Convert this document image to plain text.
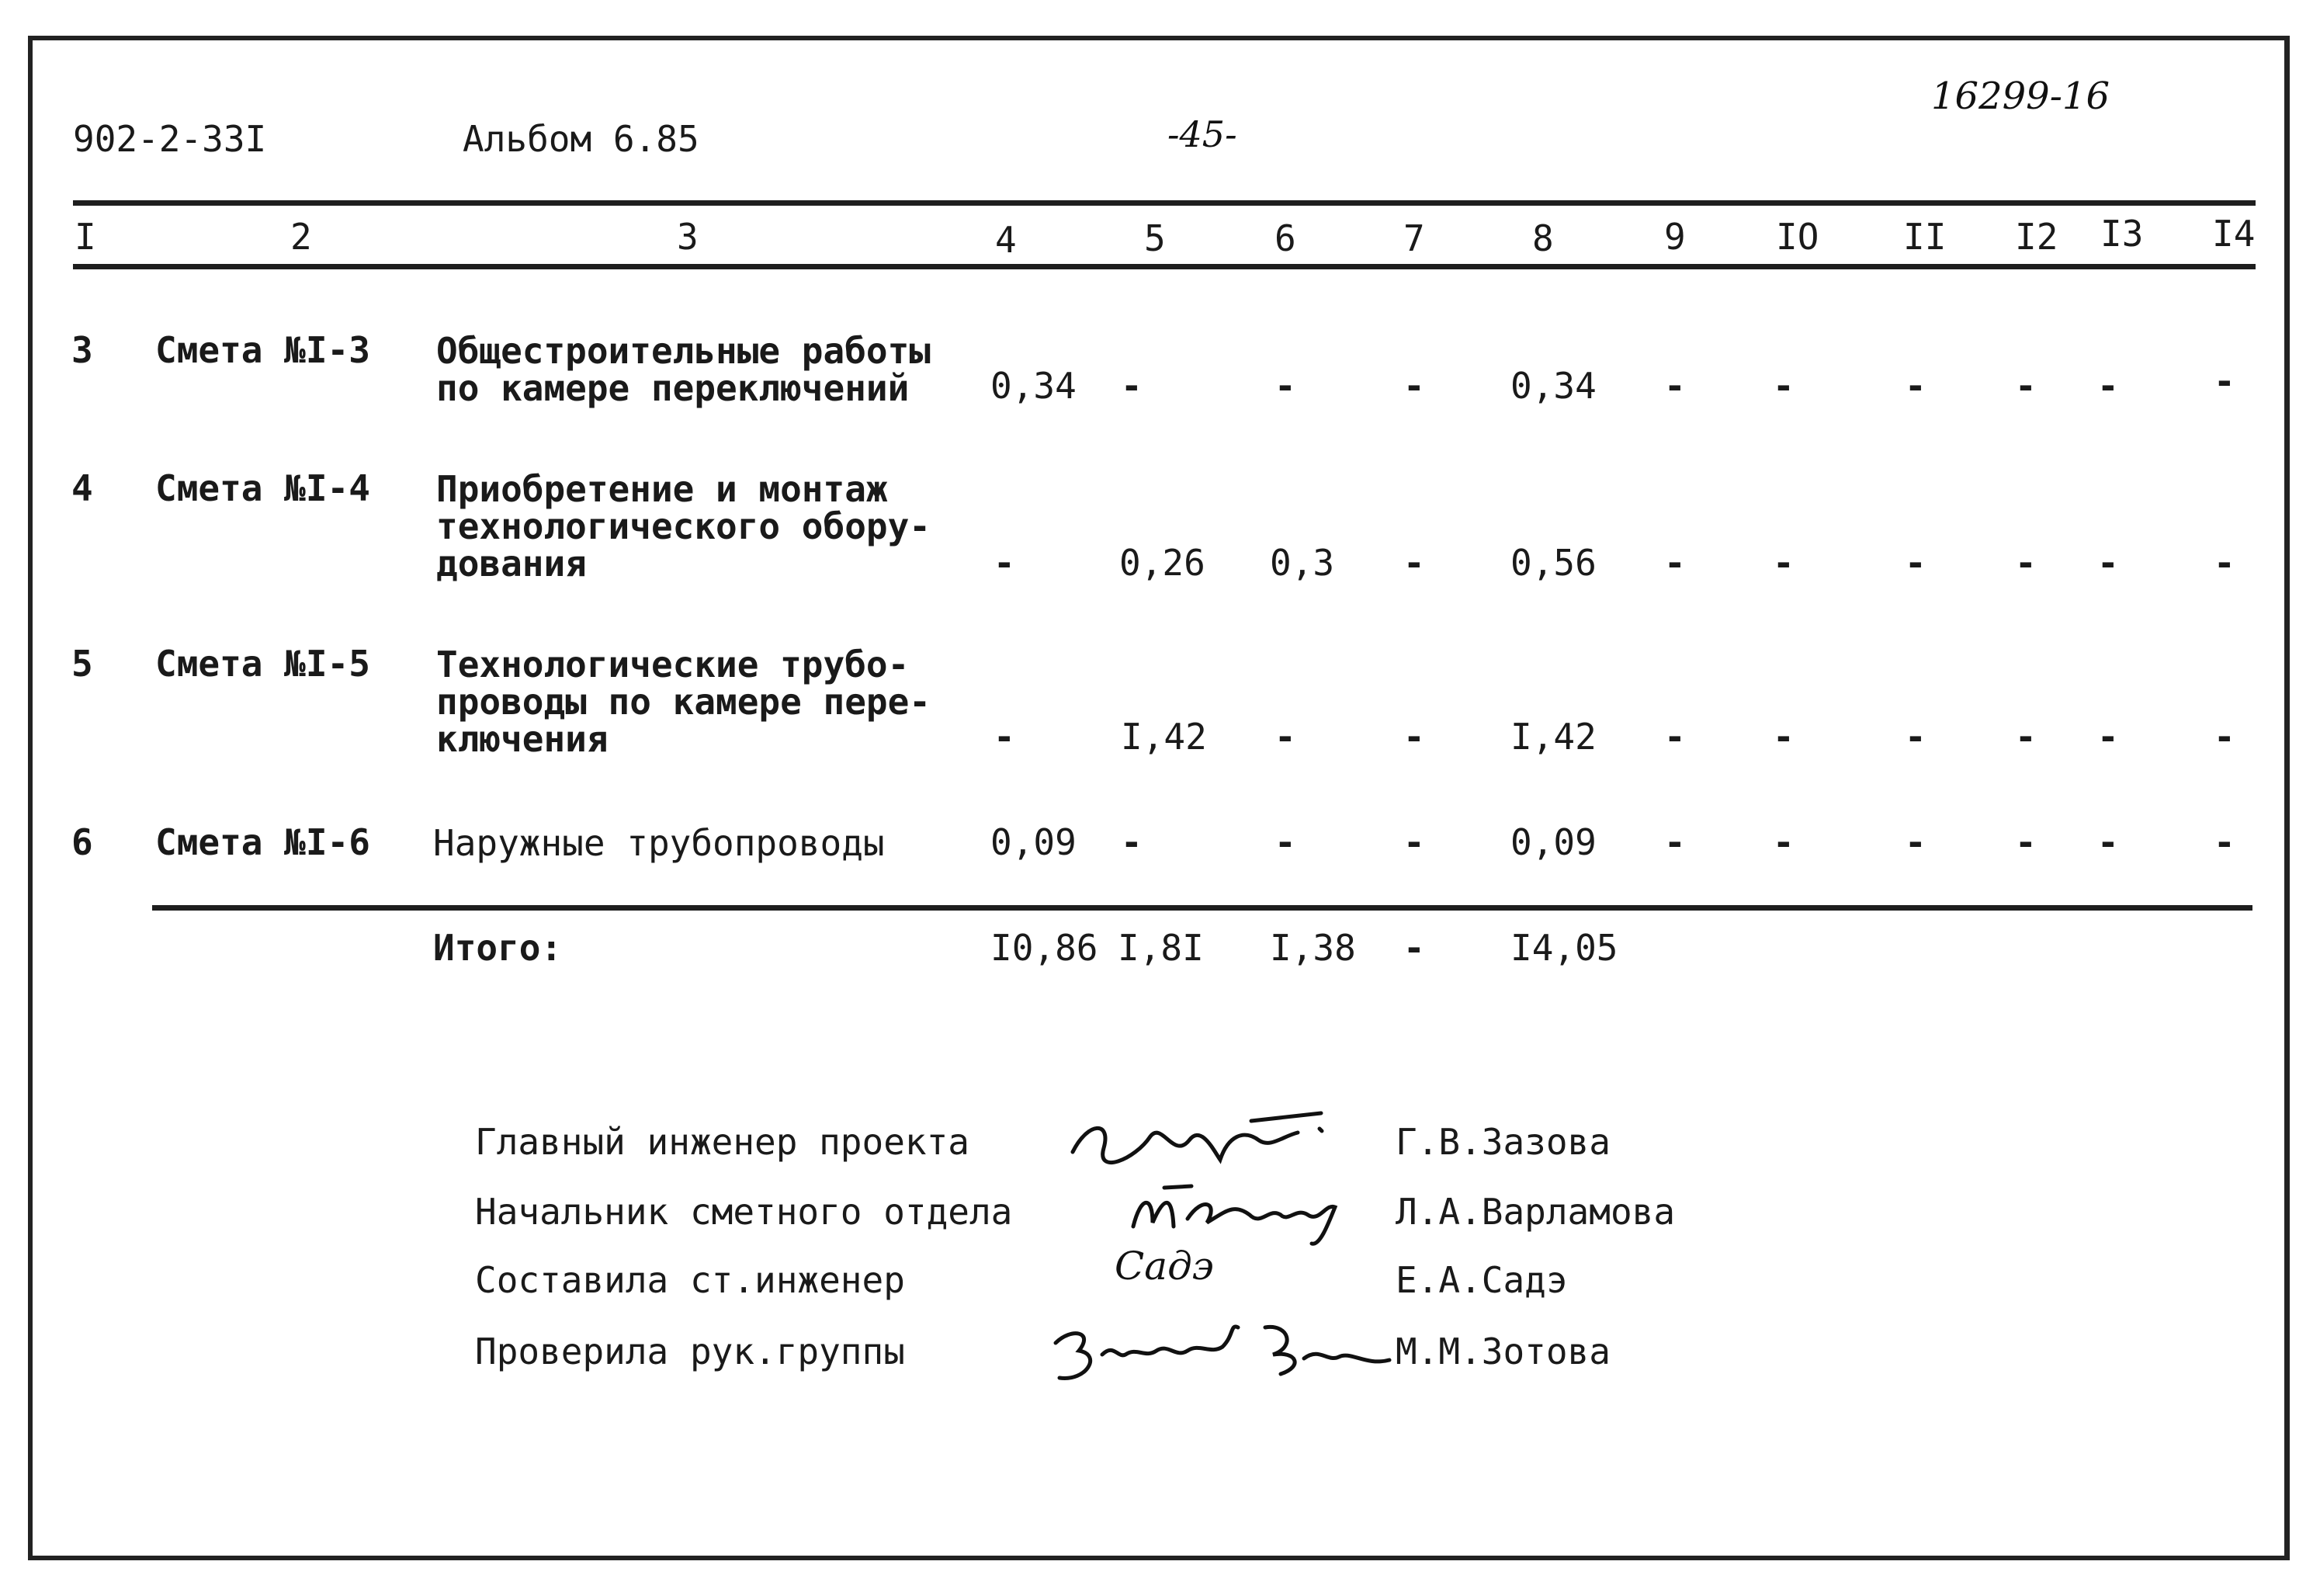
902-2-33I	Альбом 6.85	-45-
16299-16
I	2	3	4	5	6	7	8	9	IO II I2 I3 I4
3 Смета №I-3 Общестроительные работы
по камере переключений	0,34 -	-	- 0,34 - -	- - -	-
4 Смета №I-4 Приобретение и монтаж
технологического обору-
дования	-	0,26 0,3 - 0,56 - -	- - -	-
5 Смета №I-5 Технологические трубо-
проводы по камере пере-
ключения	-	I,42 -	- I,42 - -	- - -	-
6 Смета №I-6 Наружные трубопроводы	0,09 -	-	- 0,09 - -	- - -	-
Итого:	I0,86 I,8I I,38 - I4,05
Главный инженер проекта
Начальник сметного отдела
Составила ст.инженер
Проверила рук.группы
Г.В.Зазова
Л.А.Варламова
Е.А.Садэ
М.М.Зотова
Садэ
